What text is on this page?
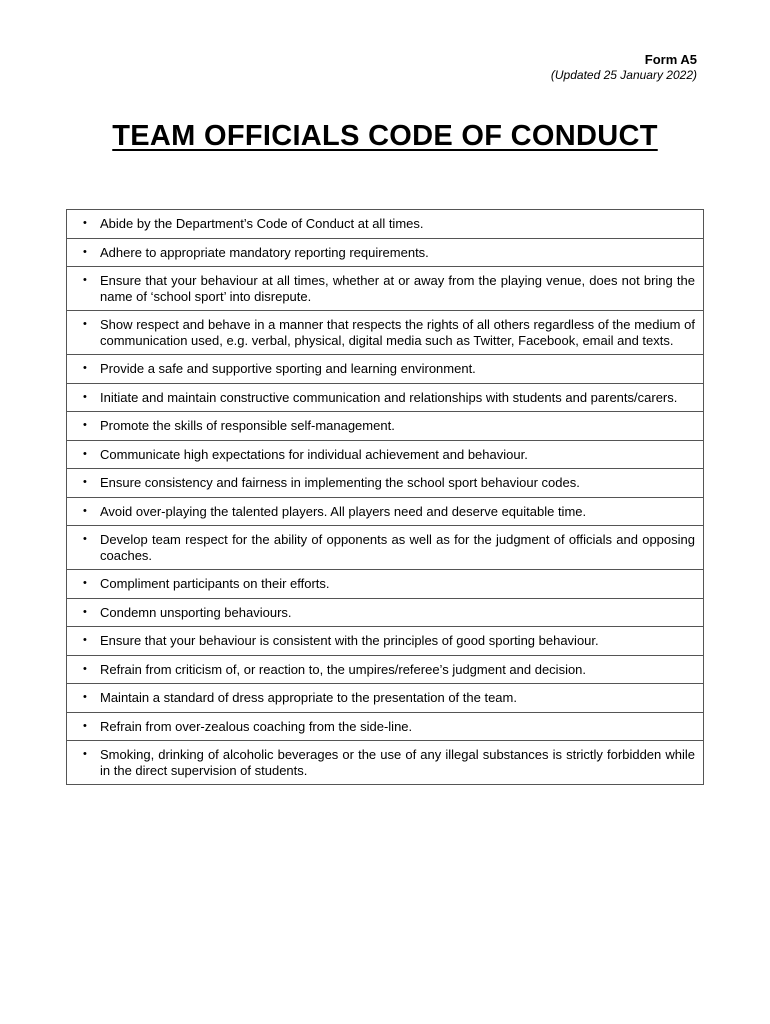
Form A5
(Updated 25 January 2022)
TEAM OFFICIALS CODE OF CONDUCT
•	Abide by the Department’s Code of Conduct at all times.

•	Adhere to appropriate mandatory reporting requirements.

•	Ensure that your behaviour at all times, whether at or away from the playing venue, does not bring the name of ‘school sport’ into disrepute.

•	Show respect and behave in a manner that respects the rights of all others regardless of the medium of communication used, e.g. verbal, physical, digital media such as Twitter, Facebook, email and texts.

•	Provide a safe and supportive sporting and learning environment.

•	Initiate and maintain constructive communication and relationships with students and parents/carers.

•	Promote the skills of responsible self-management.

•	Communicate high expectations for individual achievement and behaviour.

•	Ensure consistency and fairness in implementing the school sport behaviour codes.

•	Avoid over-playing the talented players. All players need and deserve equitable time.

•	Develop team respect for the ability of opponents as well as for the judgment of officials and opposing coaches.

•	Compliment participants on their efforts.

•	Condemn unsporting behaviours.

•	Ensure that your behaviour is consistent with the principles of good sporting behaviour.

•	Refrain from criticism of, or reaction to, the umpires/referee’s judgment and decision.

•	Maintain a standard of dress appropriate to the presentation of the team.

•	Refrain from over-zealous coaching from the side-line.

•	Smoking, drinking of alcoholic beverages or the use of any illegal substances is strictly forbidden while in the direct supervision of students.
